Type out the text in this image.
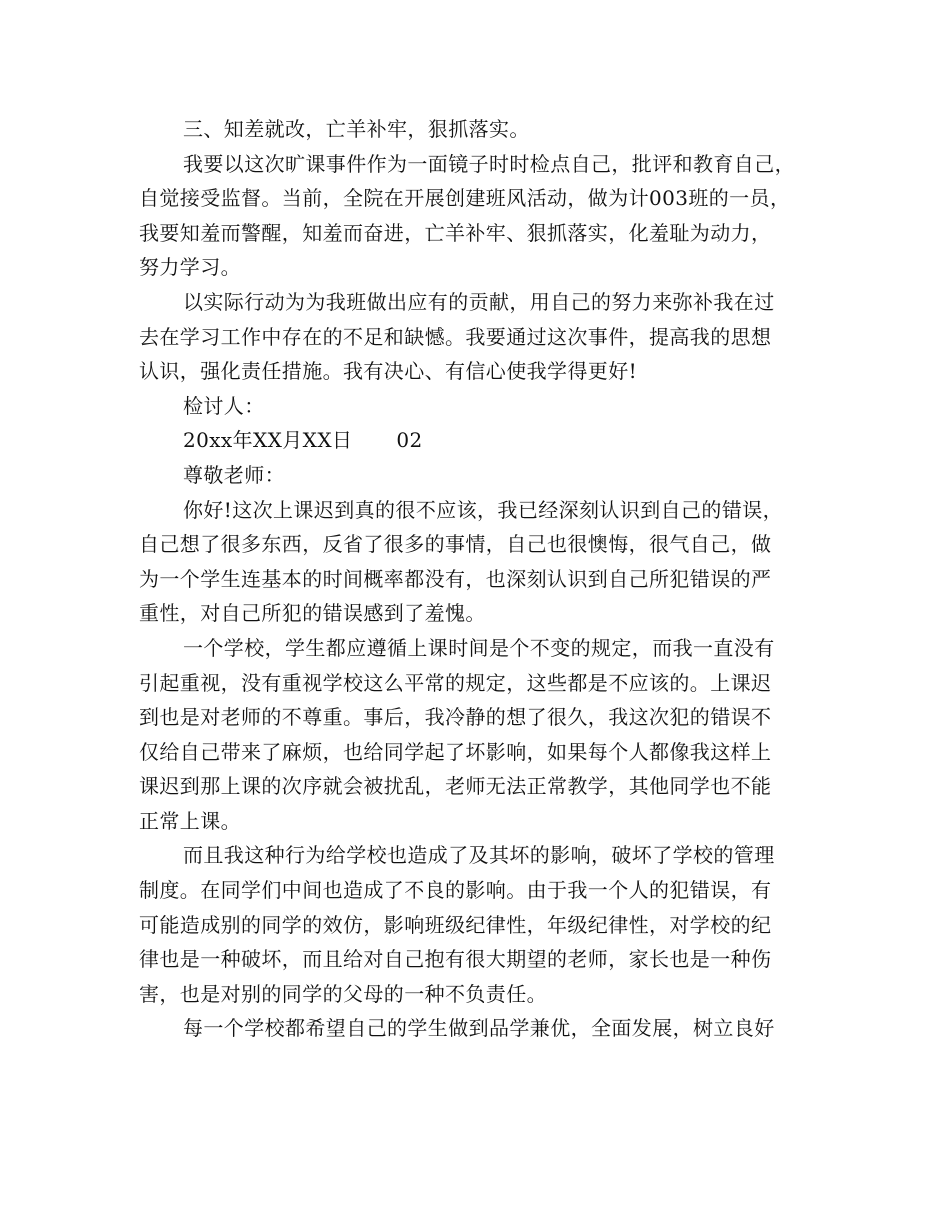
三、知差就改，亡羊补牢，狠抓落实。
我要以这次旷课事件作为一面镜子时时检点自己，批评和教育自己，
自觉接受监督。当前，全院在开展创建班风活动，做为计003班的一员，
我要知羞而警醒，知羞而奋进，亡羊补牢、狠抓落实，化羞耻为动力，
努力学习。
以实际行动为为我班做出应有的贡献，用自己的努力来弥补我在过
去在学习工作中存在的不足和缺憾。我要通过这次事件，提高我的思想
认识，强化责任措施。我有决心、有信心使我学得更好!
检讨人：
20xx年XX月XX日 02
尊敬老师：
你好!这次上课迟到真的很不应该，我已经深刻认识到自己的错误，
自己想了很多东西，反省了很多的事情，自己也很懊悔，很气自己，做
为一个学生连基本的时间概率都没有，也深刻认识到自己所犯错误的严
重性，对自己所犯的错误感到了羞愧。
一个学校，学生都应遵循上课时间是个不变的规定，而我一直没有
引起重视，没有重视学校这么平常的规定，这些都是不应该的。上课迟
到也是对老师的不尊重。事后，我冷静的想了很久，我这次犯的错误不
仅给自己带来了麻烦，也给同学起了坏影响，如果每个人都像我这样上
课迟到那上课的次序就会被扰乱，老师无法正常教学，其他同学也不能
正常上课。
而且我这种行为给学校也造成了及其坏的影响，破坏了学校的管理
制度。在同学们中间也造成了不良的影响。由于我一个人的犯错误，有
可能造成别的同学的效仿，影响班级纪律性，年级纪律性，对学校的纪
律也是一种破坏，而且给对自己抱有很大期望的老师，家长也是一种伤
害，也是对别的同学的父母的一种不负责任。
每一个学校都希望自己的学生做到品学兼优，全面发展，树立良好
